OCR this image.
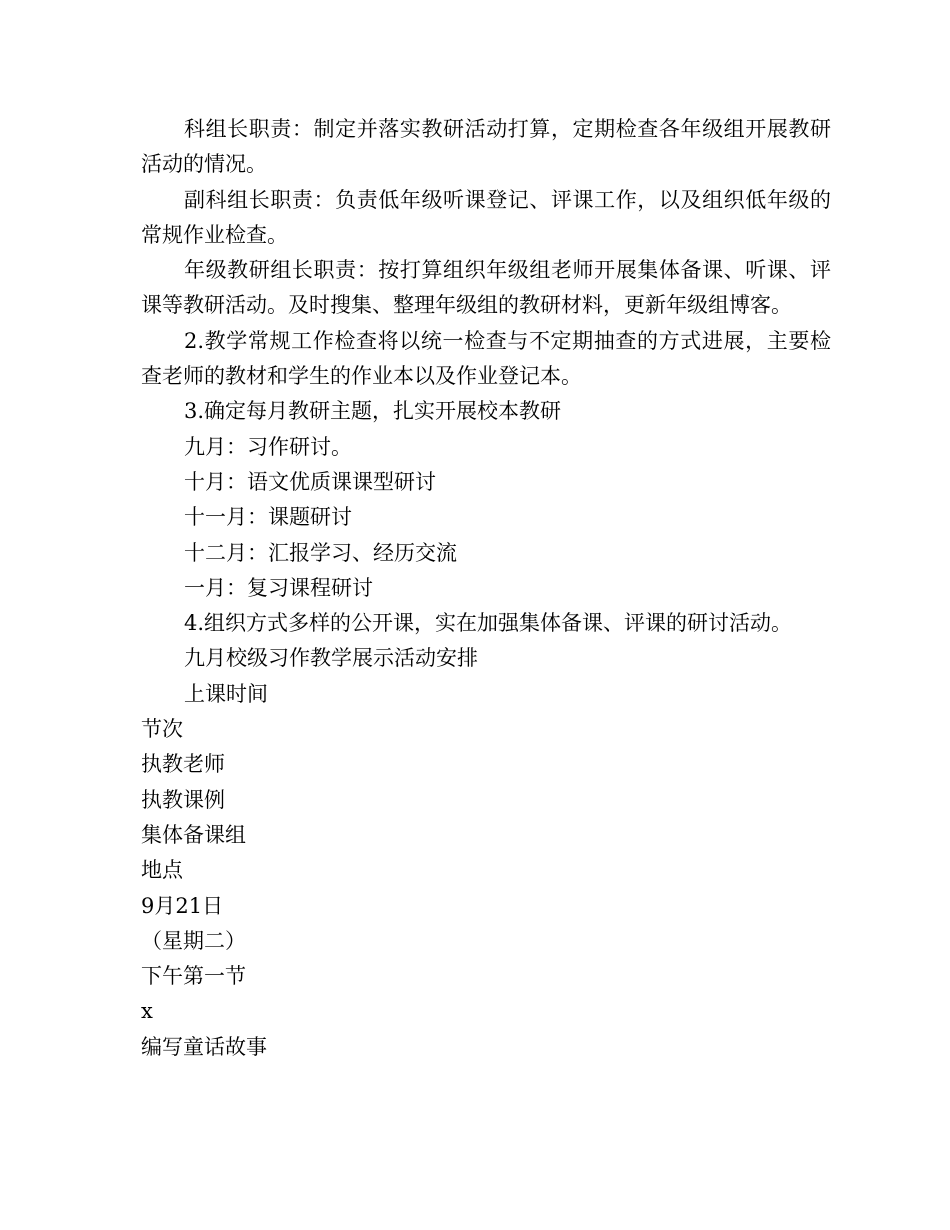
科组长职责：制定并落实教研活动打算，定期检查各年级组开展教研活动的情况。

副科组长职责：负责低年级听课登记、评课工作，以及组织低年级的常规作业检查。

年级教研组长职责：按打算组织年级组老师开展集体备课、听课、评课等教研活动。及时搜集、整理年级组的教研材料，更新年级组博客。

2.教学常规工作检查将以统一检查与不定期抽查的方式进展，主要检查老师的教材和学生的作业本以及作业登记本。

3.确定每月教研主题，扎实开展校本教研

九月：习作研讨。

十月：语文优质课课型研讨

十一月：课题研讨

十二月：汇报学习、经历交流

一月：复习课程研讨

4.组织方式多样的公开课，实在加强集体备课、评课的研讨活动。

九月校级习作教学展示活动安排

上课时间

节次

执教老师

执教课例

集体备课组

地点

9月21日

（星期二）

下午第一节

x

编写童话故事
